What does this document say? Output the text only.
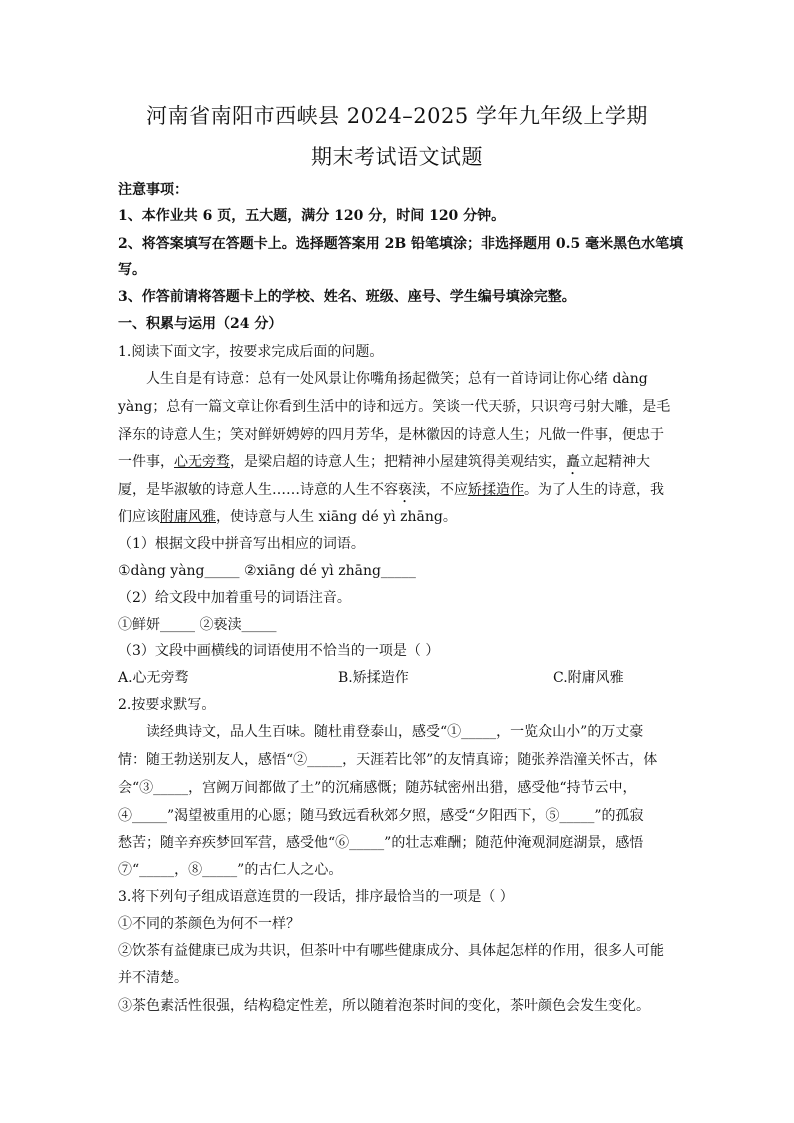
河南省南阳市西峡县 2024–2025 学年九年级上学期
期末考试语文试题
注意事项：
1、本作业共 6 页，五大题，满分 120 分，时间 120 分钟。
2、将答案填写在答题卡上。选择题答案用 2B 铅笔填涂；非选择题用 0.5 毫米黑色水笔填
写。
3、作答前请将答题卡上的学校、姓名、班级、座号、学生编号填涂完整。
一、积累与运用（24 分）
1.阅读下面文字，按要求完成后面的问题。
人生自是有诗意：总有一处风景让你嘴角扬起微笑；总有一首诗词让你心绪 dàng
yàng；总有一篇文章让你看到生活中的诗和远方。笑谈一代天骄，只识弯弓射大雕，是毛
泽东的诗意人生；笑对鲜妍娉婷的四月芳华，是林徽因的诗意人生；凡做一件事，便忠于
一件事，心无旁骛，是梁启超的诗意人生；把精神小屋建筑得美观结实，矗立起精神大
厦，是毕淑敏的诗意人生……诗意的人生不容亵渎，不应矫揉造作。为了人生的诗意，我
们应该附庸风雅，使诗意与人生 xiāng dé yì zhāng。
（1）根据文段中拼音写出相应的词语。
①dàng yàng_____ ②xiāng dé yì zhāng_____
（2）给文段中加着重号的词语注音。
①鲜妍_____ ②亵渎_____
（3）文段中画横线的词语使用不恰当的一项是（ ）
A.心无旁骛	B.矫揉造作	C.附庸风雅
2.按要求默写。
读经典诗文，品人生百味。随杜甫登泰山，感受“①_____，一览众山小”的万丈豪
情：随王勃送别友人，感悟“②_____，天涯若比邻”的友情真谛；随张养浩潼关怀古，体
会“③_____，宫阙万间都做了土”的沉痛感慨；随苏轼密州出猎，感受他“持节云中，
④_____”渴望被重用的心愿；随马致远看秋郊夕照，感受“夕阳西下，⑤_____”的孤寂
愁苦；随辛弃疾梦回军营，感受他“⑥_____”的壮志难酬；随范仲淹观洞庭湖景，感悟
⑦“_____，⑧_____”的古仁人之心。
3.将下列句子组成语意连贯的一段话，排序最恰当的一项是（ ）
①不同的茶颜色为何不一样？
②饮茶有益健康已成为共识，但茶叶中有哪些健康成分、具体起怎样的作用，很多人可能
并不清楚。
③茶色素活性很强，结构稳定性差，所以随着泡茶时间的变化，茶叶颜色会发生变化。
